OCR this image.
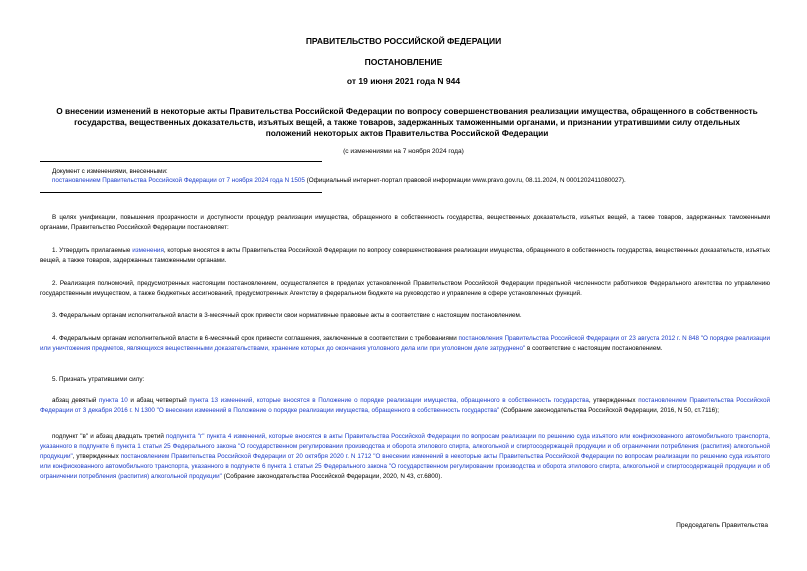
ПРАВИТЕЛЬСТВО РОССИЙСКОЙ ФЕДЕРАЦИИ
ПОСТАНОВЛЕНИЕ
от 19 июня 2021 года N 944
О внесении изменений в некоторые акты Правительства Российской Федерации по вопросу совершенствования реализации имущества, обращенного в собственность государства, вещественных доказательств, изъятых вещей, а также товаров, задержанных таможенными органами, и признании утратившими силу отдельных положений некоторых актов Правительства Российской Федерации
(с изменениями на 7 ноября 2024 года)
Документ с изменениями, внесенными:
постановлением Правительства Российской Федерации от 7 ноября 2024 года N 1505 (Официальный интернет-портал правовой информации www.pravo.gov.ru, 08.11.2024, N 0001202411080027).

В целях унификации, повышения прозрачности и доступности процедур реализации имущества, обращенного в собственность государства, вещественных доказательств, изъятых вещей, а также товаров, задержанных таможенными органами, Правительство Российской Федерации постановляет:

1. Утвердить прилагаемые изменения, которые вносятся в акты Правительства Российской Федерации по вопросу совершенствования реализации имущества, обращенного в собственность государства, вещественных доказательств, изъятых вещей, а также товаров, задержанных таможенными органами.

2. Реализация полномочий, предусмотренных настоящим постановлением, осуществляется в пределах установленной Правительством Российской Федерации предельной численности работников Федерального агентства по управлению государственным имуществом, а также бюджетных ассигнований, предусмотренных Агентству в федеральном бюджете на руководство и управление в сфере установленных функций.

3. Федеральным органам исполнительной власти в 3-месячный срок привести свои нормативные правовые акты в соответствие с настоящим постановлением.

4. Федеральным органам исполнительной власти в 6-месячный срок привести соглашения, заключенные в соответствии с требованиями постановления Правительства Российской Федерации от 23 августа 2012 г. N 848 "О порядке реализации или уничтожения предметов, являющихся вещественными доказательствами, хранение которых до окончания уголовного дела или при уголовном деле затруднено" в соответствие с настоящим постановлением.

5. Признать утратившими силу:

абзац девятый пункта 10 и абзац четвертый пункта 13 изменений, которые вносятся в Положение о порядке реализации имущества, обращенного в собственность государства, утвержденных постановлением Правительства Российской Федерации от 3 декабря 2016 г. N 1300 "О внесении изменений в Положение о порядке реализации имущества, обращенного в собственность государства" (Собрание законодательства Российской Федерации, 2016, N 50, ст.7116);

подпункт "в" и абзац двадцать третий подпункта "г" пункта 4 изменений, которые вносятся в акты Правительства Российской Федерации по вопросам реализации по решению суда изъятого или конфискованного автомобильного транспорта, указанного в подпункте 6 пункта 1 статьи 25 Федерального закона "О государственном регулировании производства и оборота этилового спирта, алкогольной и спиртосодержащей продукции и об ограничении потребления (распития) алкогольной продукции", утвержденных постановлением Правительства Российской Федерации от 20 октября 2020 г. N 1712 "О внесении изменений в некоторые акты Правительства Российской Федерации по вопросам реализации по решению суда изъятого или конфискованного автомобильного транспорта, указанного в подпункте 6 пункта 1 статьи 25 Федерального закона "О государственном регулировании производства и оборота этилового спирта, алкогольной и спиртосодержащей продукции и об ограничении потребления (распития) алкогольной продукции" (Собрание законодательства Российской Федерации, 2020, N 43, ст.6800).

Председатель Правительства
